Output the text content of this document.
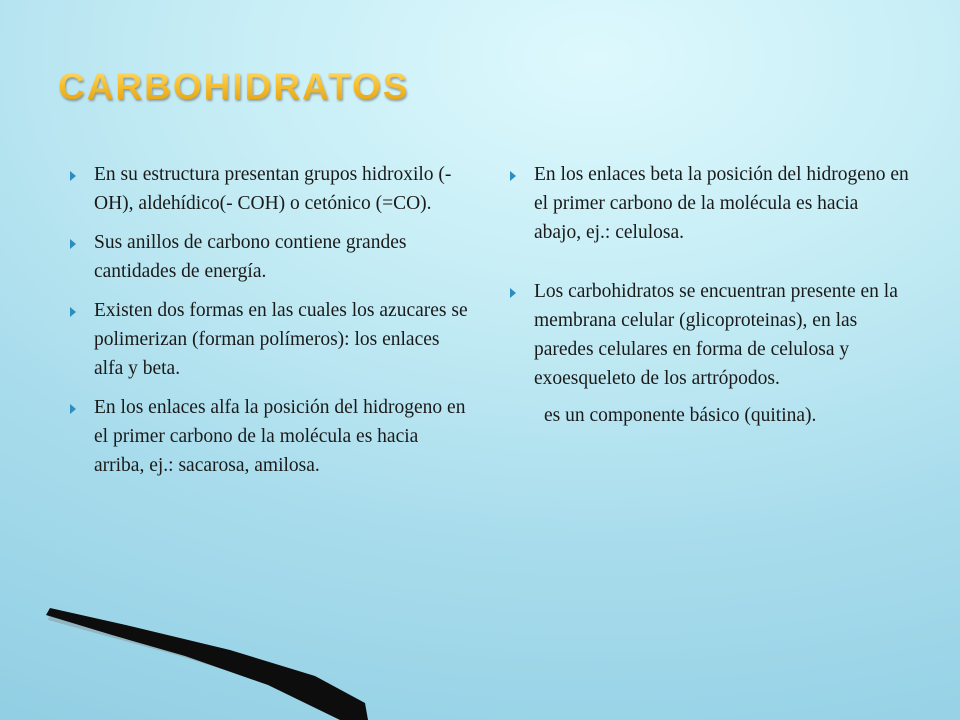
CARBOHIDRATOS
En su estructura presentan grupos hidroxilo (-OH), aldehídico(- COH) o cetónico (=CO).
Sus anillos de carbono contiene grandes cantidades de energía.
Existen dos formas en las cuales los azucares se polimerizan (forman polímeros): los enlaces alfa y beta.
En los enlaces alfa la posición del hidrogeno en el primer carbono de la molécula es hacia arriba, ej.: sacarosa, amilosa.
En los enlaces beta la posición del hidrogeno en el primer carbono de la molécula es hacia abajo, ej.: celulosa.
Los carbohidratos se encuentran presente en la membrana celular (glicoproteinas), en las paredes celulares en forma de celulosa y exoesqueleto de los artrópodos.

es un componente básico (quitina).
